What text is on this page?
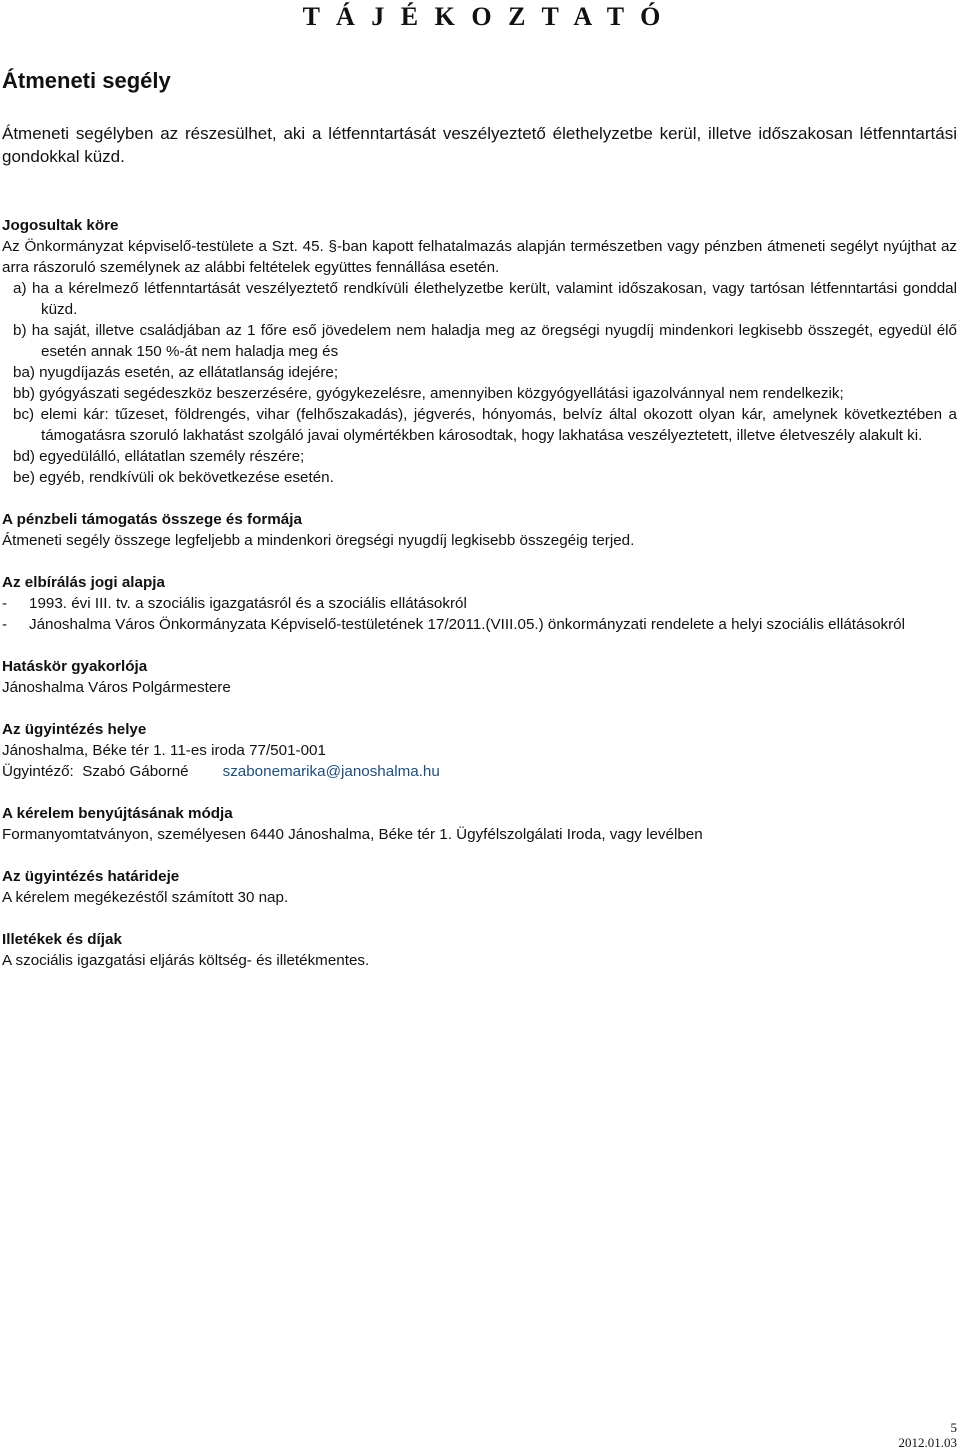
T Á J É K O Z T A T Ó
Átmeneti segély

Átmeneti segélyben az részesülhet, aki a létfenntartását veszélyeztető élethelyzetbe kerül, illetve időszakosan létfenntartási gondokkal küzd.

Jogosultak köre

Az Önkormányzat képviselő-testülete a Szt. 45. §-ban kapott felhatalmazás alapján természetben vagy pénzben átmeneti segélyt nyújthat az arra rászoruló személynek az alábbi feltételek együttes fennállása esetén.

a) ha a kérelmező létfenntartását veszélyeztető rendkívüli élethelyzetbe került, valamint időszakosan, vagy tartósan létfenntartási gonddal küzd.

b) ha saját, illetve családjában az 1 főre eső jövedelem nem haladja meg az öregségi nyugdíj mindenkori legkisebb összegét, egyedül élő esetén annak 150 %-át nem haladja meg és

ba) nyugdíjazás esetén, az ellátatlanság idejére;

bb) gyógyászati segédeszköz beszerzésére, gyógykezelésre, amennyiben közgyógyellátási igazolvánnyal nem rendelkezik;

bc) elemi kár: tűzeset, földrengés, vihar (felhőszakadás), jégverés, hónyomás, belvíz által okozott olyan kár, amelynek következtében a támogatásra szoruló lakhatást szolgáló javai olymértékben károsodtak, hogy lakhatása veszélyeztetett, illetve életveszély alakult ki.

bd) egyedülálló, ellátatlan személy részére;

be) egyéb, rendkívüli ok bekövetkezése esetén.

A pénzbeli támogatás összege és formája

Átmeneti segély összege legfeljebb a mindenkori öregségi nyugdíj legkisebb összegéig terjed.

Az elbírálás jogi alapja

-	1993. évi III. tv. a szociális igazgatásról és a szociális ellátásokról
-	Jánoshalma Város Önkormányzata Képviselő-testületének 17/2011.(VIII.05.) önkormányzati rendelete a helyi szociális ellátásokról

Hatáskör gyakorlója

Jánoshalma Város Polgármestere

Az ügyintézés helye

Jánoshalma, Béke tér 1. 11-es iroda 77/501-001

Ügyintéző:  Szabó Gáborné szabonemarika@janoshalma.hu

A kérelem benyújtásának módja

Formanyomtatványon, személyesen 6440 Jánoshalma, Béke tér 1. Ügyfélszolgálati Iroda, vagy levélben

Az ügyintézés határideje

A kérelem megékezéstől számított 30 nap.

Illetékek és díjak

A szociális igazgatási eljárás költség- és illetékmentes.

5
2012.01.03
